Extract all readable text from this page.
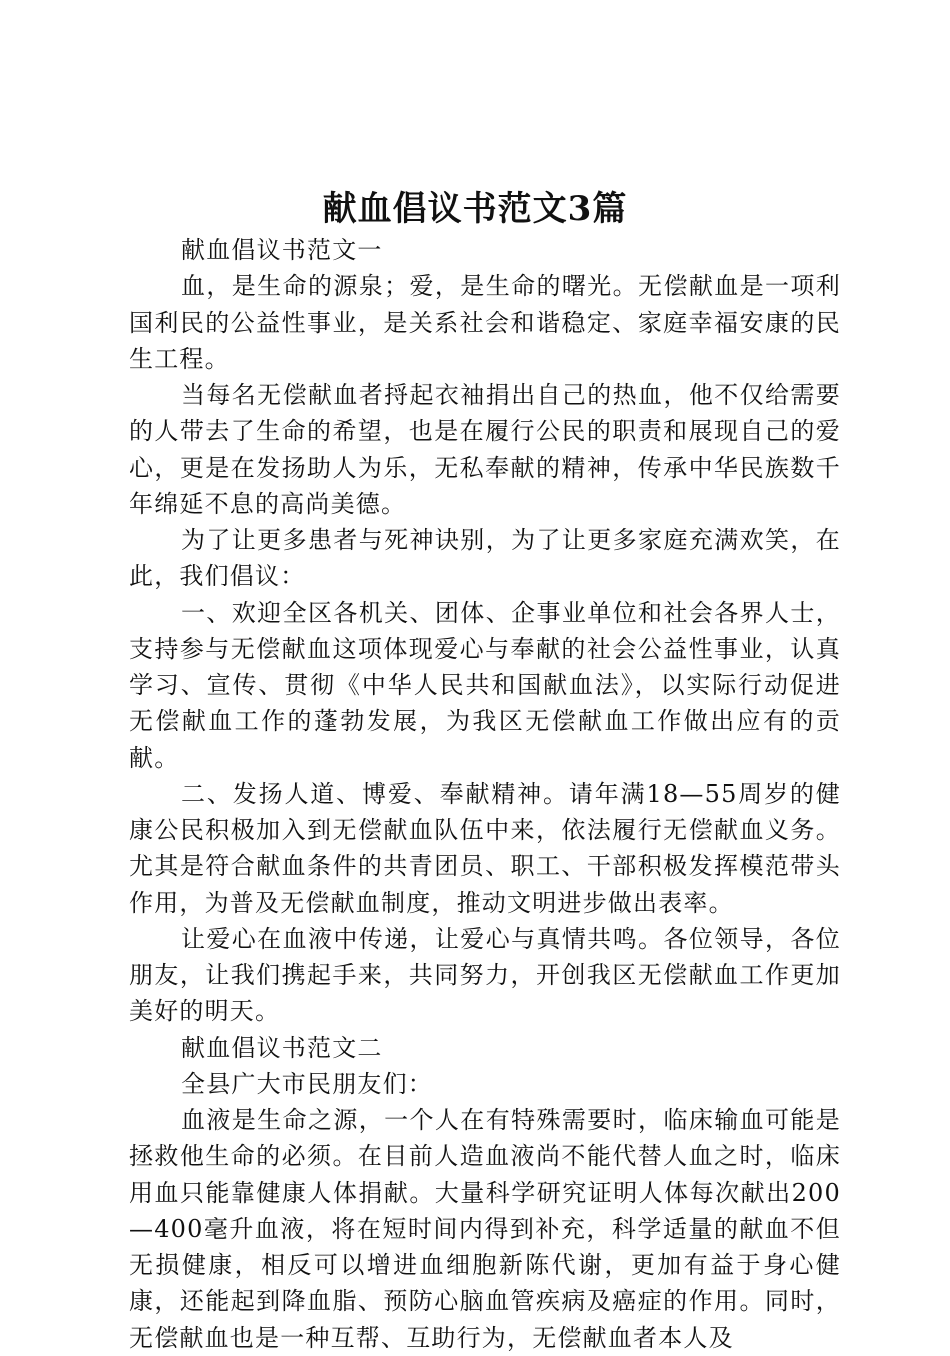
献血倡议书范文3篇

献血倡议书范文一

血，是生命的源泉；爱，是生命的曙光。无偿献血是一项利国利民的公益性事业，是关系社会和谐稳定、家庭幸福安康的民生工程。

当每名无偿献血者捋起衣袖捐出自己的热血，他不仅给需要的人带去了生命的希望，也是在履行公民的职责和展现自己的爱心，更是在发扬助人为乐，无私奉献的精神，传承中华民族数千年绵延不息的高尚美德。

为了让更多患者与死神诀别，为了让更多家庭充满欢笑，在此，我们倡议：

一、欢迎全区各机关、团体、企事业单位和社会各界人士，支持参与无偿献血这项体现爱心与奉献的社会公益性事业，认真学习、宣传、贯彻《中华人民共和国献血法》，以实际行动促进无偿献血工作的蓬勃发展，为我区无偿献血工作做出应有的贡献。

二、发扬人道、博爱、奉献精神。请年满18—55周岁的健康公民积极加入到无偿献血队伍中来，依法履行无偿献血义务。尤其是符合献血条件的共青团员、职工、干部积极发挥模范带头作用，为普及无偿献血制度，推动文明进步做出表率。

让爱心在血液中传递，让爱心与真情共鸣。各位领导，各位朋友，让我们携起手来，共同努力，开创我区无偿献血工作更加美好的明天。

献血倡议书范文二

全县广大市民朋友们：

血液是生命之源，一个人在有特殊需要时，临床输血可能是拯救他生命的必须。在目前人造血液尚不能代替人血之时，临床用血只能靠健康人体捐献。大量科学研究证明人体每次献出200—400毫升血液，将在短时间内得到补充，科学适量的献血不但无损健康，相反可以增进血细胞新陈代谢，更加有益于身心健康，还能起到降血脂、预防心脑血管疾病及癌症的作用。同时，无偿献血也是一种互帮、互助行为，无偿献血者本人及
